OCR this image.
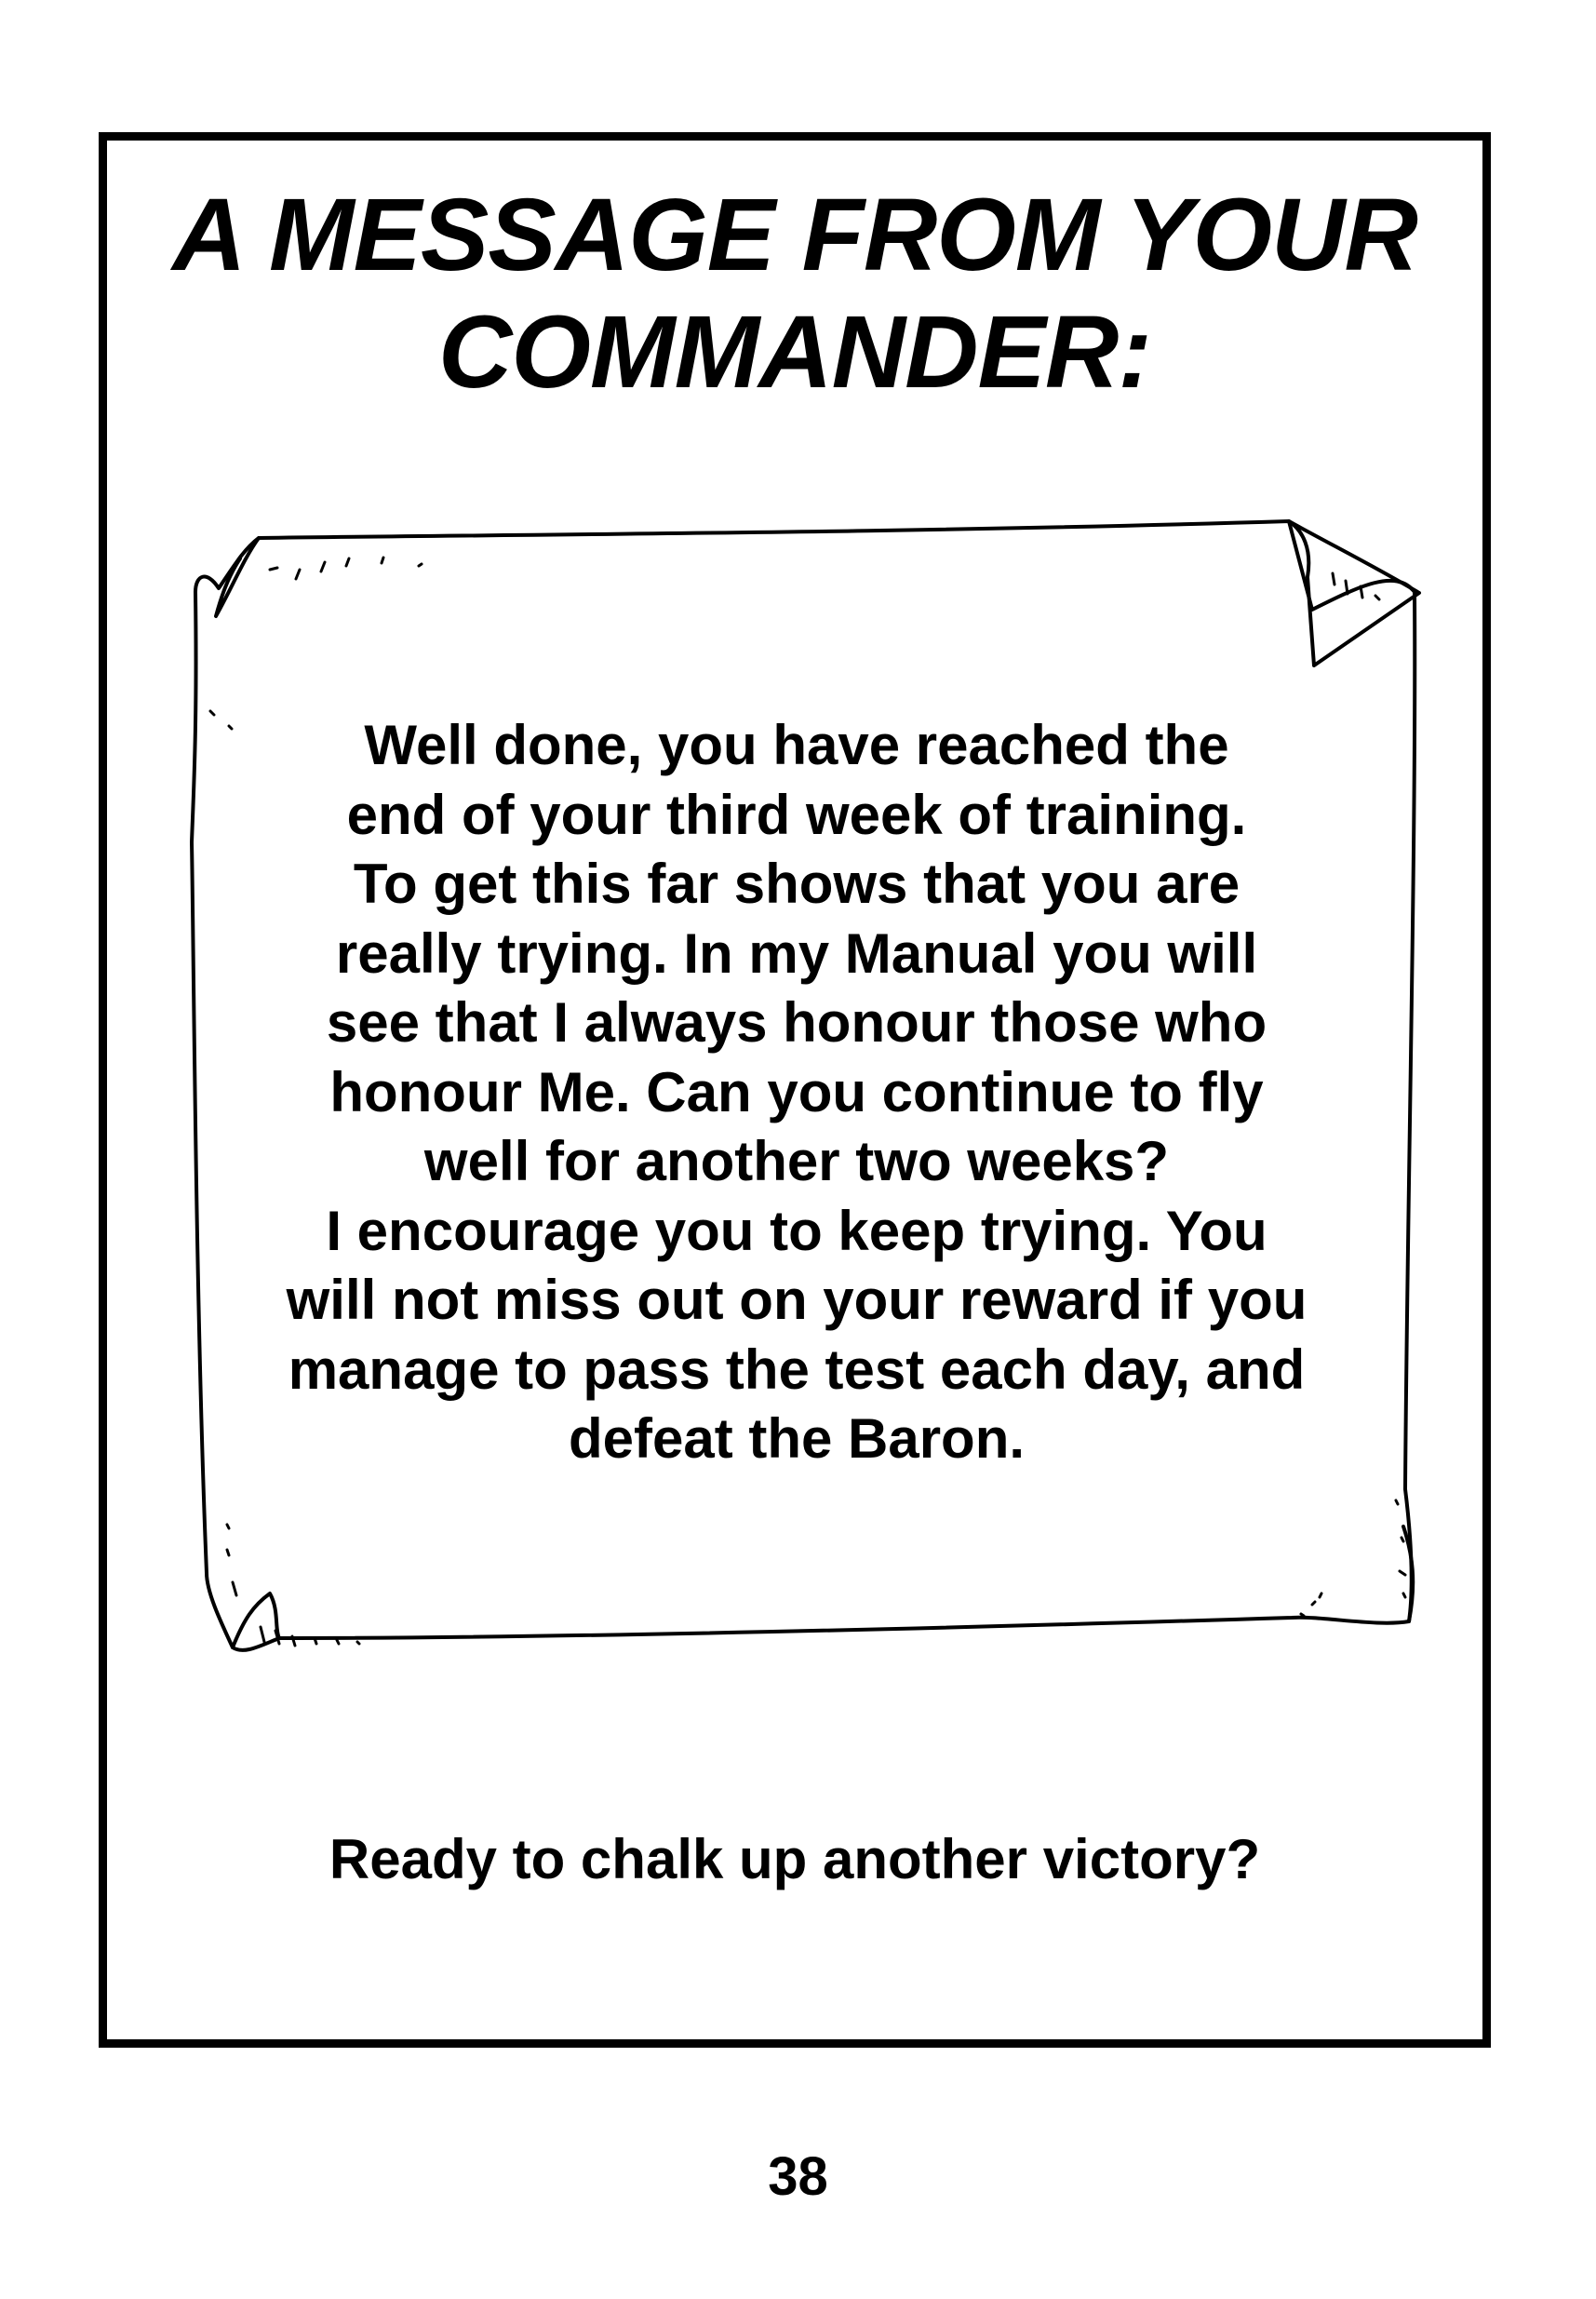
A MESSAGE FROM YOUR
COMMANDER:
Well done, you have reached the
end of your third week of training.
To get this far shows that you are
really trying. In my Manual you will
see that I always honour those who
honour Me. Can you continue to fly
well for another two weeks?
I encourage you to keep trying. You
will not miss out on your reward if you
manage to pass the test each day, and
defeat the Baron.
Ready to chalk up another victory?
38
